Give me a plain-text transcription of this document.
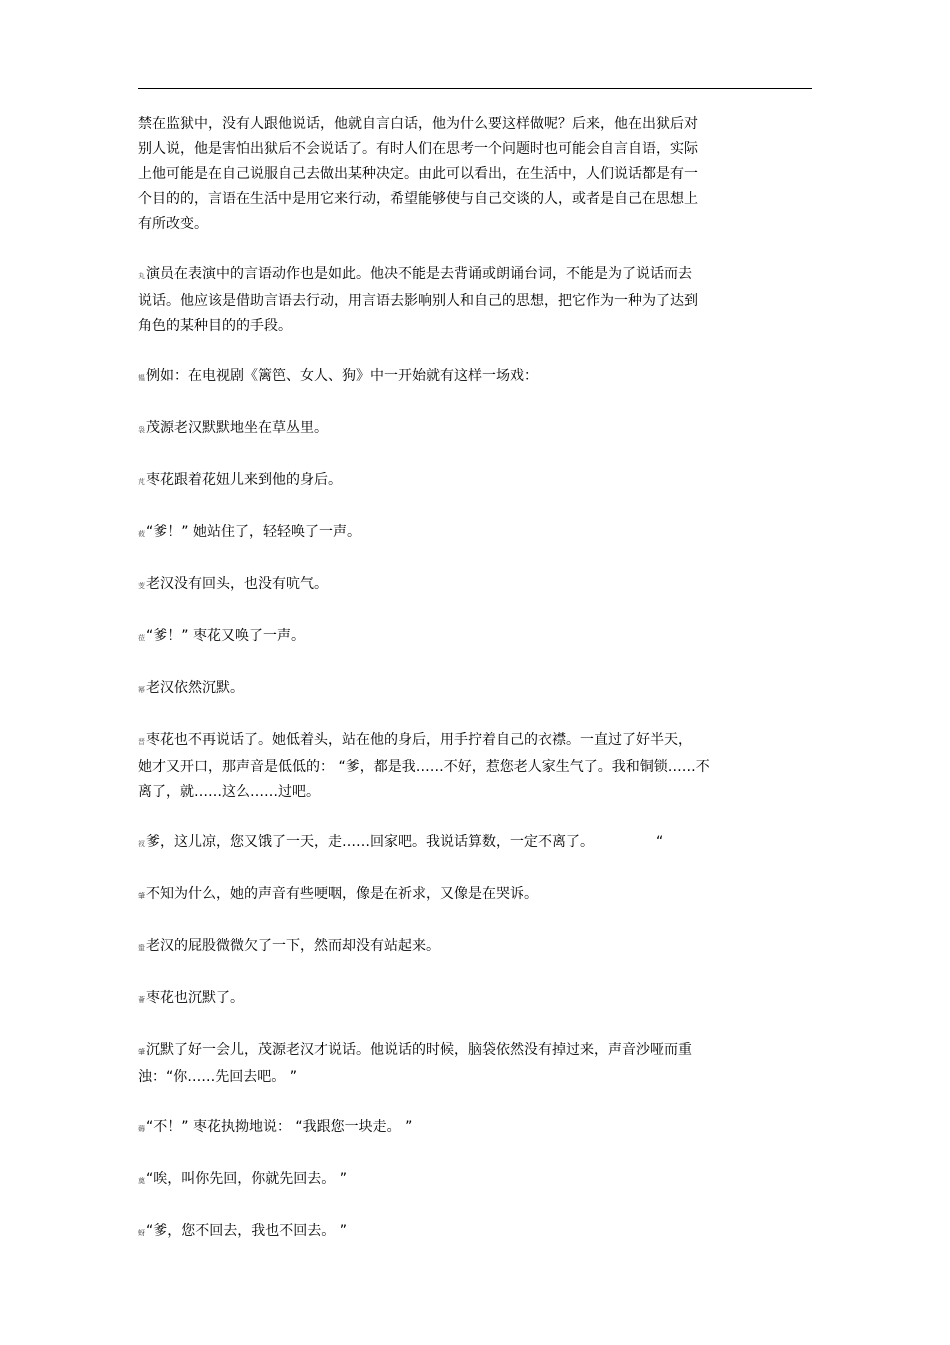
禁在监狱中，没有人跟他说话，他就自言白话，他为什么要这样做呢？后来，他在出狱后对
别人说，他是害怕出狱后不会说话了。有时人们在思考一个问题时也可能会自言自语，实际
上他可能是在自己说服自己去做出某种决定。由此可以看出，在生活中，人们说话都是有一
个目的的，言语在生活中是用它来行动，希望能够使与自己交谈的人，或者是自己在思想上
有所改变。
丸演员在表演中的言语动作也是如此。他决不能是去背诵或朗诵台词，不能是为了说话而去
说话。他应该是借助言语去行动，用言语去影响别人和自己的思想，把它作为一种为了达到
角色的某种目的的手段。
韫例如：在电视剧《篱笆、女人、狗》中一开始就有这样一场戏：
袅茂源老汉默默地坐在草丛里。
芃枣花跟着花妞儿来到他的身后。
莜“爹！” 她站住了，轻轻唤了一声。
芰老汉没有回头，也没有吭气。
莅“爹！” 枣花又唤了一声。
幂老汉依然沉默。
晋枣花也不再说话了。她低着头，站在他的身后，用手拧着自己的衣襟。一直过了好半天，
她才又开口，那声音是低低的： “爹，都是我……不好，惹您老人家生气了。我和铜锁……不
离了，就……这么……过吧。
衩爹，这儿凉，您又饿了一天，走……回家吧。我说话算数，一定不离了。	“
肇不知为什么，她的声音有些哽咽，像是在祈求，又像是在哭诉。
螀老汉的屁股微微欠了一下，然而却没有站起来。
薈枣花也沉默了。
肇沉默了好一会儿，茂源老汉才说话。他说话的时候，脑袋依然没有掉过来，声音沙哑而重
浊：“你……先回去吧。 ”
薅“不！” 枣花执拗地说： “我跟您一块走。 ”
奠“唉，叫你先回，你就先回去。 ”
蚜“爹，您不回去，我也不回去。 ”
